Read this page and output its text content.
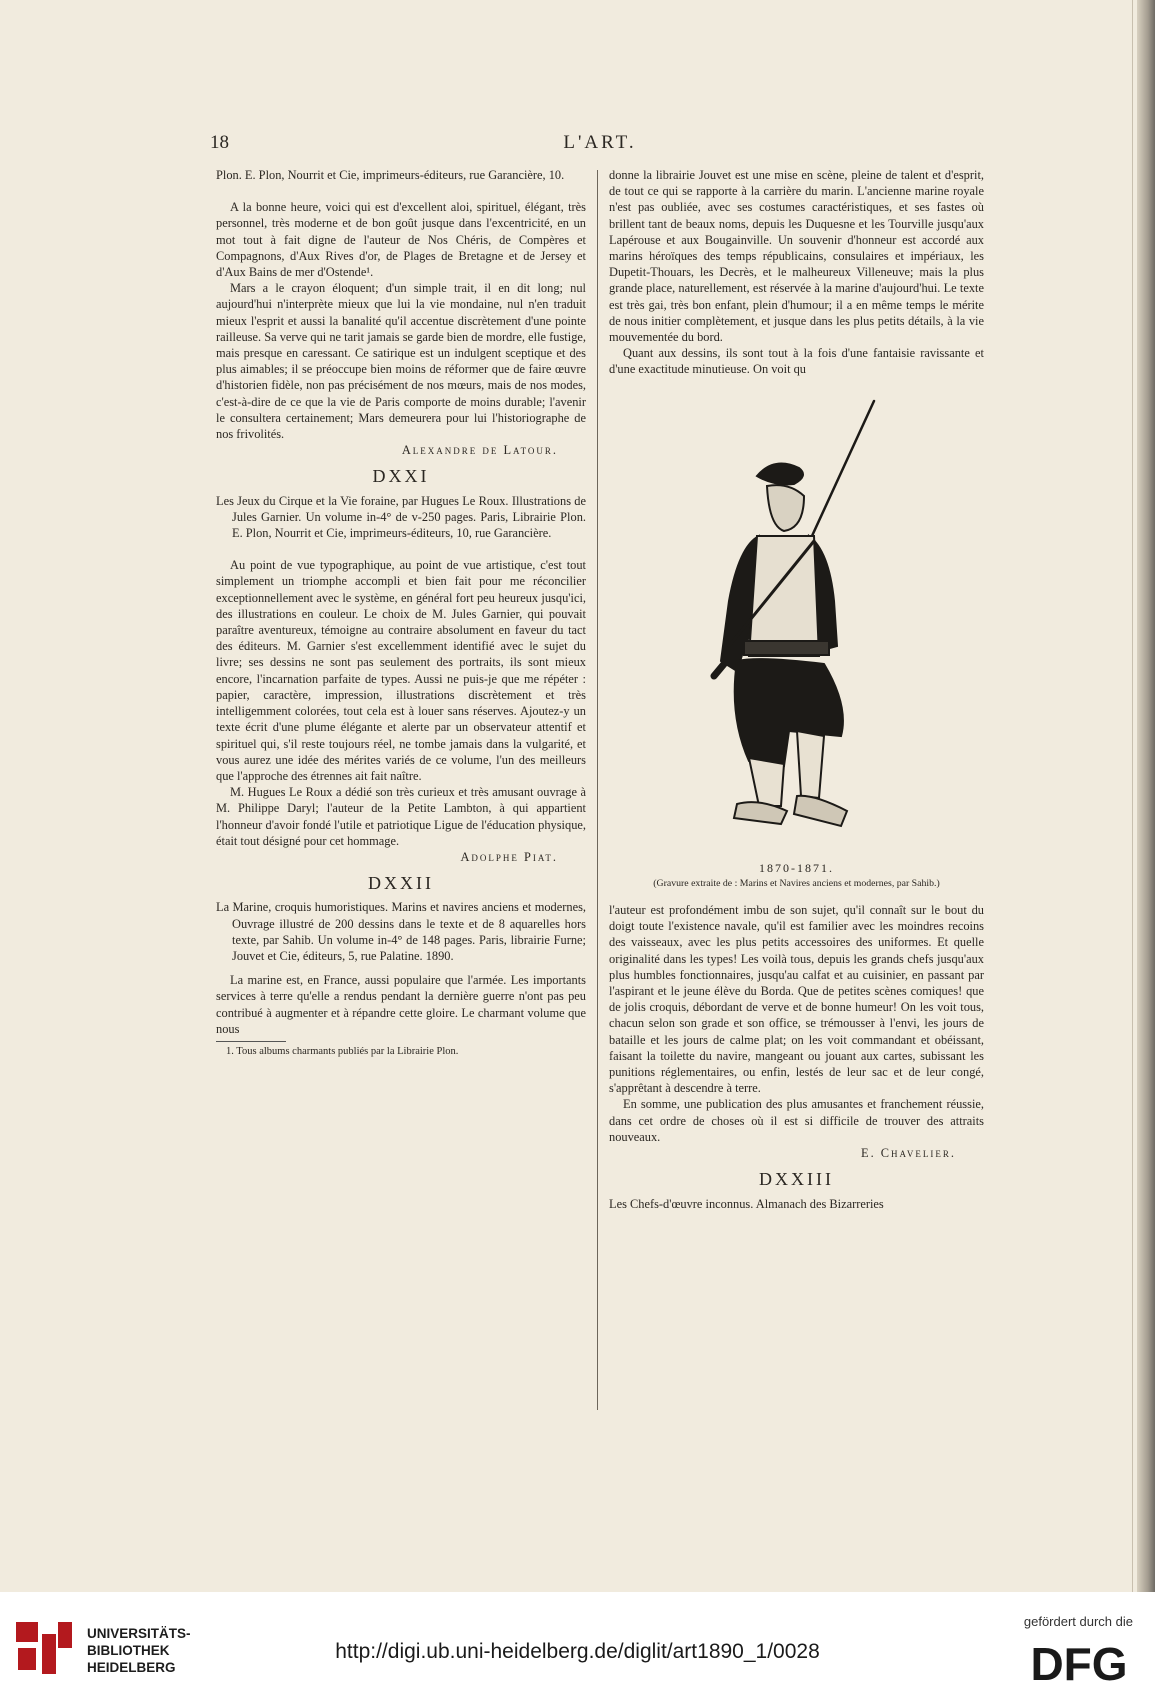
18	L'ART.

Plon. E. Plon, Nourrit et Cie, imprimeurs-éditeurs, rue Garancière, 10.

A la bonne heure, voici qui est d'excellent aloi, spirituel, élégant, très personnel, très moderne et de bon goût jusque dans l'excentricité, en un mot tout à fait digne de l'auteur de Nos Chéris, de Compères et Compagnons, d'Aux Rives d'or, de Plages de Bretagne et de Jersey et d'Aux Bains de mer d'Ostende¹.

Mars a le crayon éloquent; d'un simple trait, il en dit long; nul aujourd'hui n'interprète mieux que lui la vie mondaine, nul n'en traduit mieux l'esprit et aussi la banalité qu'il accentue discrètement d'une pointe railleuse. Sa verve qui ne tarit jamais se garde bien de mordre, elle fustige, mais presque en caressant. Ce satirique est un indulgent sceptique et des plus aimables; il se préoccupe bien moins de réformer que de faire œuvre d'historien fidèle, non pas précisément de nos mœurs, mais de nos modes, c'est-à-dire de ce que la vie de Paris comporte de moins durable; l'avenir le consultera certainement; Mars demeurera pour lui l'historiographe de nos frivolités.

Alexandre de Latour.
DXXI

Les Jeux du Cirque et la Vie foraine, par Hugues Le Roux. Illustrations de Jules Garnier. Un volume in-4° de v-250 pages. Paris, Librairie Plon. E. Plon, Nourrit et Cie, imprimeurs-éditeurs, 10, rue Garancière.

Au point de vue typographique, au point de vue artistique, c'est tout simplement un triomphe accompli et bien fait pour me réconcilier exceptionnellement avec le système, en général fort peu heureux jusqu'ici, des illustrations en couleur. Le choix de M. Jules Garnier, qui pouvait paraître aventureux, témoigne au contraire absolument en faveur du tact des éditeurs. M. Garnier s'est excellemment identifié avec le sujet du livre; ses dessins ne sont pas seulement des portraits, ils sont mieux encore, l'incarnation parfaite de types. Aussi ne puis-je que me répéter : papier, caractère, impression, illustrations discrètement et très intelligemment colorées, tout cela est à louer sans réserves. Ajoutez-y un texte écrit d'une plume élégante et alerte par un observateur attentif et spirituel qui, s'il reste toujours réel, ne tombe jamais dans la vulgarité, et vous aurez une idée des mérites variés de ce volume, l'un des meilleurs que l'approche des étrennes ait fait naître.

M. Hugues Le Roux a dédié son très curieux et très amusant ouvrage à M. Philippe Daryl; l'auteur de la Petite Lambton, à qui appartient l'honneur d'avoir fondé l'utile et patriotique Ligue de l'éducation physique, était tout désigné pour cet hommage.

Adolphe Piat.
DXXII

La Marine, croquis humoristiques. Marins et navires anciens et modernes, Ouvrage illustré de 200 dessins dans le texte et de 8 aquarelles hors texte, par Sahib. Un volume in-4° de 148 pages. Paris, librairie Furne; Jouvet et Cie, éditeurs, 5, rue Palatine. 1890.

La marine est, en France, aussi populaire que l'armée. Les importants services à terre qu'elle a rendus pendant la dernière guerre n'ont pas peu contribué à augmenter et à répandre cette gloire. Le charmant volume que nous

1. Tous albums charmants publiés par la Librairie Plon.

donne la librairie Jouvet est une mise en scène, pleine de talent et d'esprit, de tout ce qui se rapporte à la carrière du marin. L'ancienne marine royale n'est pas oubliée, avec ses costumes caractéristiques, et ses fastes où brillent tant de beaux noms, depuis les Duquesne et les Tourville jusqu'aux Lapérouse et aux Bougainville. Un souvenir d'honneur est accordé aux marins héroïques des temps républicains, consulaires et impériaux, les Dupetit-Thouars, les Decrès, et le malheureux Villeneuve; mais la plus grande place, naturellement, est réservée à la marine d'aujourd'hui. Le texte est très gai, très bon enfant, plein d'humour; il a en même temps le mérite de nous initier complètement, et jusque dans les plus petits détails, à la vie mouvementée du bord.

Quant aux dessins, ils sont tout à la fois d'une fantaisie ravissante et d'une exactitude minutieuse. On voit qu

1870-1871.
(Gravure extraite de : Marins et Navires anciens et modernes, par Sahib.)

l'auteur est profondément imbu de son sujet, qu'il connaît sur le bout du doigt toute l'existence navale, qu'il est familier avec les moindres recoins des vaisseaux, avec les plus petits accessoires des uniformes. Et quelle originalité dans les types! Les voilà tous, depuis les grands chefs jusqu'aux plus humbles fonctionnaires, jusqu'au calfat et au cuisinier, en passant par l'aspirant et le jeune élève du Borda. Que de petites scènes comiques! que de jolis croquis, débordant de verve et de bonne humeur! On les voit tous, chacun selon son grade et son office, se trémousser à l'envi, les jours de bataille et les jours de calme plat; on les voit commandant et obéissant, faisant la toilette du navire, mangeant ou jouant aux cartes, subissant les punitions réglementaires, ou enfin, lestés de leur sac et de leur congé, s'apprêtant à descendre à terre.

En somme, une publication des plus amusantes et franchement réussie, dans cet ordre de choses où il est si difficile de trouver des attraits nouveaux.

E. Chavelier.
DXXIII

Les Chefs-d'œuvre inconnus. Almanach des Bizarreries

UNIVERSITÄTS-
BIBLIOTHEK
HEIDELBERG
http://digi.ub.uni-heidelberg.de/diglit/art1890_1/0028
gefördert durch die
DFG
